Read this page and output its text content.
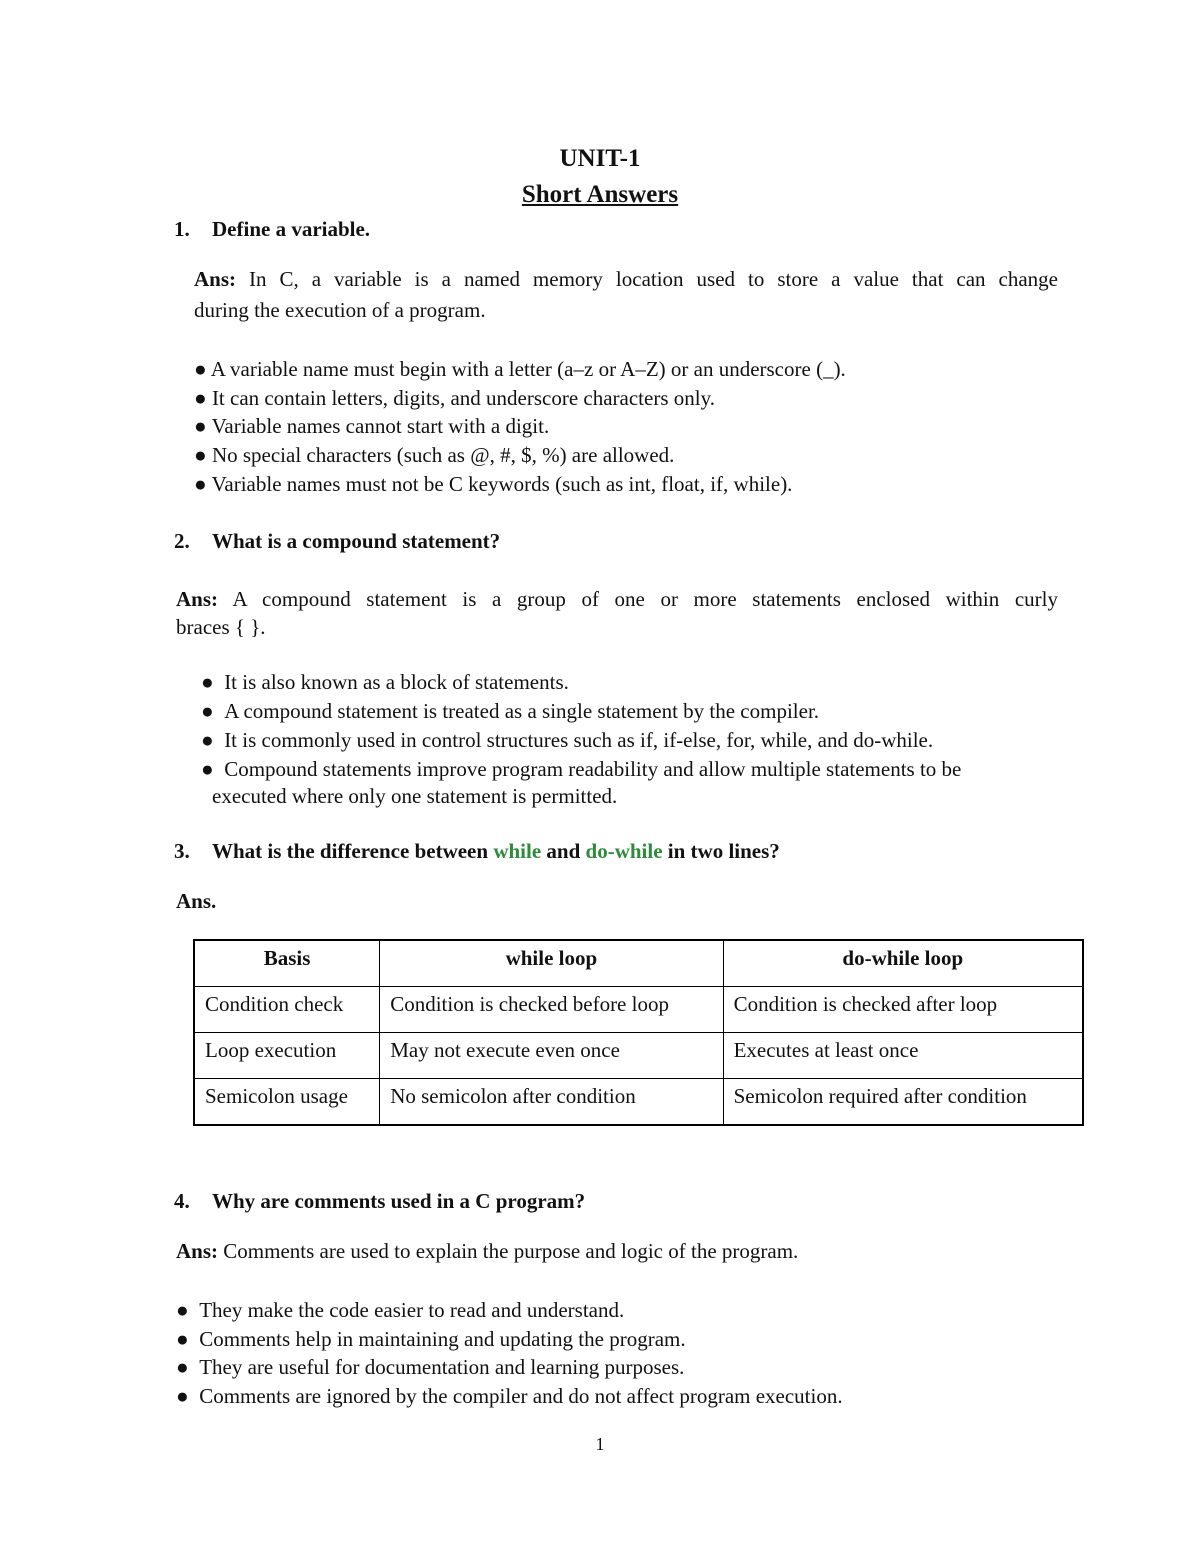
UNIT-1
Short Answers
1. Define a variable.
Ans: In C, a variable is a named memory location used to store a value that can change
during the execution of a program.
● A variable name must begin with a letter (a–z or A–Z) or an underscore (_).
● It can contain letters, digits, and underscore characters only.
● Variable names cannot start with a digit.
● No special characters (such as @, #, $, %) are allowed.
● Variable names must not be C keywords (such as int, float, if, while).
2. What is a compound statement?
Ans: A compound statement is a group of one or more statements enclosed within curly
braces { }.
● It is also known as a block of statements.
● A compound statement is treated as a single statement by the compiler.
● It is commonly used in control structures such as if, if-else, for, while, and do-while.
● Compound statements improve program readability and allow multiple statements to be
executed where only one statement is permitted.
3. What is the difference between while and do-while in two lines?
Ans.
Basis	while loop	do-while loop
Condition check	Condition is checked before loop	Condition is checked after loop
Loop execution	May not execute even once	Executes at least once
Semicolon usage	No semicolon after condition	Semicolon required after condition
4. Why are comments used in a C program?
Ans: Comments are used to explain the purpose and logic of the program.
● They make the code easier to read and understand.
● Comments help in maintaining and updating the program.
● They are useful for documentation and learning purposes.
● Comments are ignored by the compiler and do not affect program execution.
1
